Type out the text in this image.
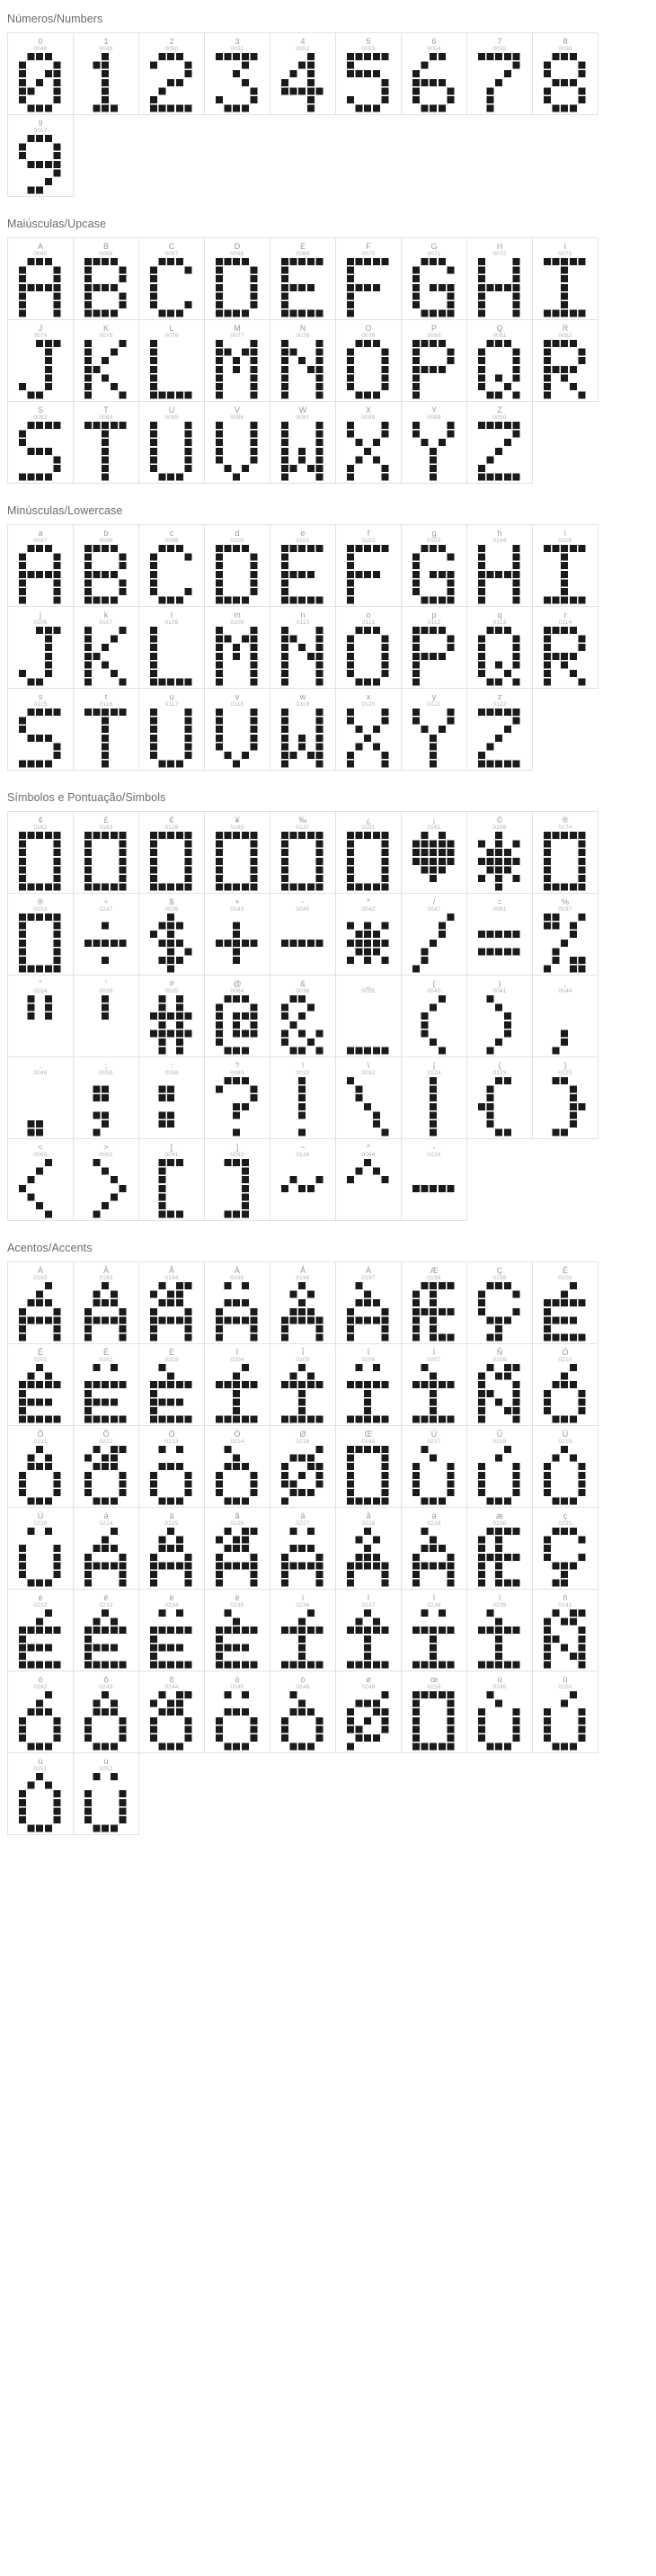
Números/Numbers
0
0048
1
0049
2
0050
3
0051
4
0052
5
0053
6
0054
7
0055
8
0056
9
0057
Maiúsculas/Upcase
A
0065
B
0066
C
0067
D
0068
E
0069
F
0070
G
0071
H
0072
I
0073
J
0074
K
0075
L
0076
M
0077
N
0078
O
0079
P
0080
Q
0081
R
0082
S
0083
T
0084
U
0085
V
0086
W
0087
X
0088
Y
0089
Z
0090
Minúsculas/Lowercase
a
0097
b
0098
c
0099
d
0100
e
0101
f
0102
g
0103
h
0104
i
0105
j
0106
k
0107
l
0108
m
0109
n
0110
o
0111
p
0112
q
0113
r
0114
s
0115
t
0116
u
0117
v
0118
w
0119
x
0120
y
0121
z
0122
Símbolos e Pontuação/Simbols
¢
0162
£
0163
€
0128
¥
0165
‰
0137
¿
0191
¡
0161
©
0169
®
0174
®
0153
÷
0247
$
0036
+
0043
-
0045
*
0042
/
0047
=
0061
%
0037
"
0034
'
0039
#
0035
@
0064
&
0038
_
0095
(
0040
)
0041
,
0044
.
0046
;
0059
:
0058
?
0063
!
0033
\
0092
|
0124
{
0123
}
0125
<
0060
>
0062
[
0091
]
0093
~
0126
^
0094
-
0126
Acentos/Accents
Á
0193
Â
0193
Ã
0194
Ä
0195
Å
0196
À
0197
Æ
0198
Ç
0199
É
0200
Ê
0201
Ë
0202
È
0203
Í
0204
Î
0205
Ï
0206
Ì
0207
Ñ
0209
Ó
0210
Ô
0211
Õ
0212
Ö
0213
Ò
0214
Ø
0216
Œ
0140
Ú
0217
Û
0218
Ü
0219
Ù
0220
á
0224
â
0225
ã
0226
ä
0227
å
0228
à
0229
æ
0230
ç
0231
é
0232
ê
0233
ë
0234
è
0235
í
0236
î
0237
ï
0238
ì
0239
ñ
0241
ó
0242
ô
0243
õ
0244
ö
0245
ò
0246
ø
0248
œ
0156
ú
0249
û
0250
ü
0251
ù
0252
